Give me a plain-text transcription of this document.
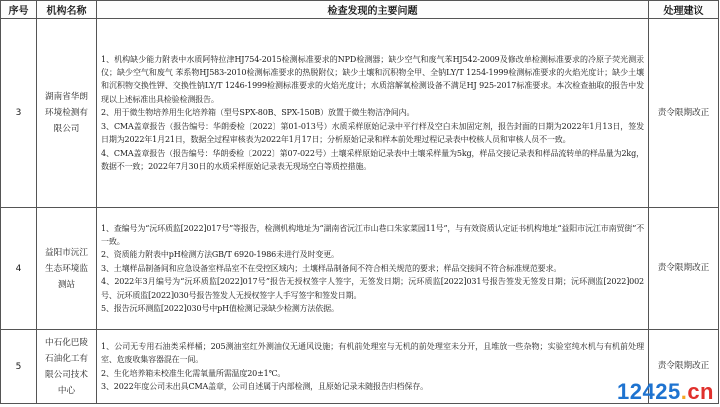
序号	机构名称	检查发现的主要问题	处理建议
3	湖南省华朗环境检测有限公司	1、机构缺少能力附表中水质阿特拉津HJ754-2015检测标准要求的NPD检测器；缺少空气和废气苯HJ542-2009及修改单检测标准要求的冷原子荧光测汞仪；缺少空气和废气 苯系物HJ583-2010检测标准要求的热脱附仪；缺少土壤和沉积物全甲、全钠LY/T 1254-1999检测标准要求的火焰光度计；缺少土壤和沉积物交换性钾、交换性钠LY/T 1246-1999检测标准要求的火焰光度计；水质溶解氧检测设备不满足HJ 925-2017标准要求。本次检查抽取的报告中发现以上述标准出具检验检测报告。

2、用于微生物培养用生化培养箱（型号SPX-80B、SPX-150B）放置于微生物洁净间内。

3、CMA盖章报告（报告编号：华朗委检〔2022〕第01-013号）水质采样原始记录中平行样及空白未加固定剂，报告封面的日期为2022年1月13日，签发日期为2022年1月21日，数据全过程审核表为2022年1月17日；分析原始记录和样本前处理过程记录表中校核人员和审核人员不一致。

4、CMA盖章报告（报告编号：华朗委检〔2022〕第07-022号）土壤采样原始记录表中土壤采样量为5kg，样品交接记录表和样品流转单的样品量为2kg，数据不一致；2022年7月30日的水质采样原始记录表无现场空白等质控措施。	责令限期改正
4	益阳市沅江生态环境监测站	1、查编号为“沅环质监[2022]017号”等报告，检测机构地址为“湖南省沅江市山巷口朱家菜园11号”，与有效资质认定证书机构地址“益阳市沅江市南贸街”不一致。

2、资质能力附表中pH检测方法GB/T 6920-1986未进行及时变更。

3、土壤样品制备间和应急设备室样品室不在受控区域内；土壤样品制备间不符合相关规范的要求；样品交接间不符合标准规范要求。

4、2022年3月编号为“沅环质监[2022]017号”报告无授权签字人签字，无签发日期；沅环质监[2022]031号报告签发无签发日期；沅环测监[2022]002号、沅环质监[2022]030号报告签发人无授权签字人手写签字和签发日期。

5、报告沅环测监[2022]030号中pH值检测记录缺少检测方法依据。	责令限期改正
5	中石化巴陵石油化工有限公司技术中心	1、公司无专用石油类采样桶；205测油室红外测油仪无通风设施；有机前处理室与无机的前处理室未分开，且堆放一些杂物；实验室纯水机与有机前处理室、危废收集容器混在一间。

2、生化培养箱未校准生化需氧量所需温度20±1℃。

3、2022年度公司未出具CMA盖章，公司自述属于内部检测，且原始记录未随报告归档保存。	责令限期改正
12425.cn
